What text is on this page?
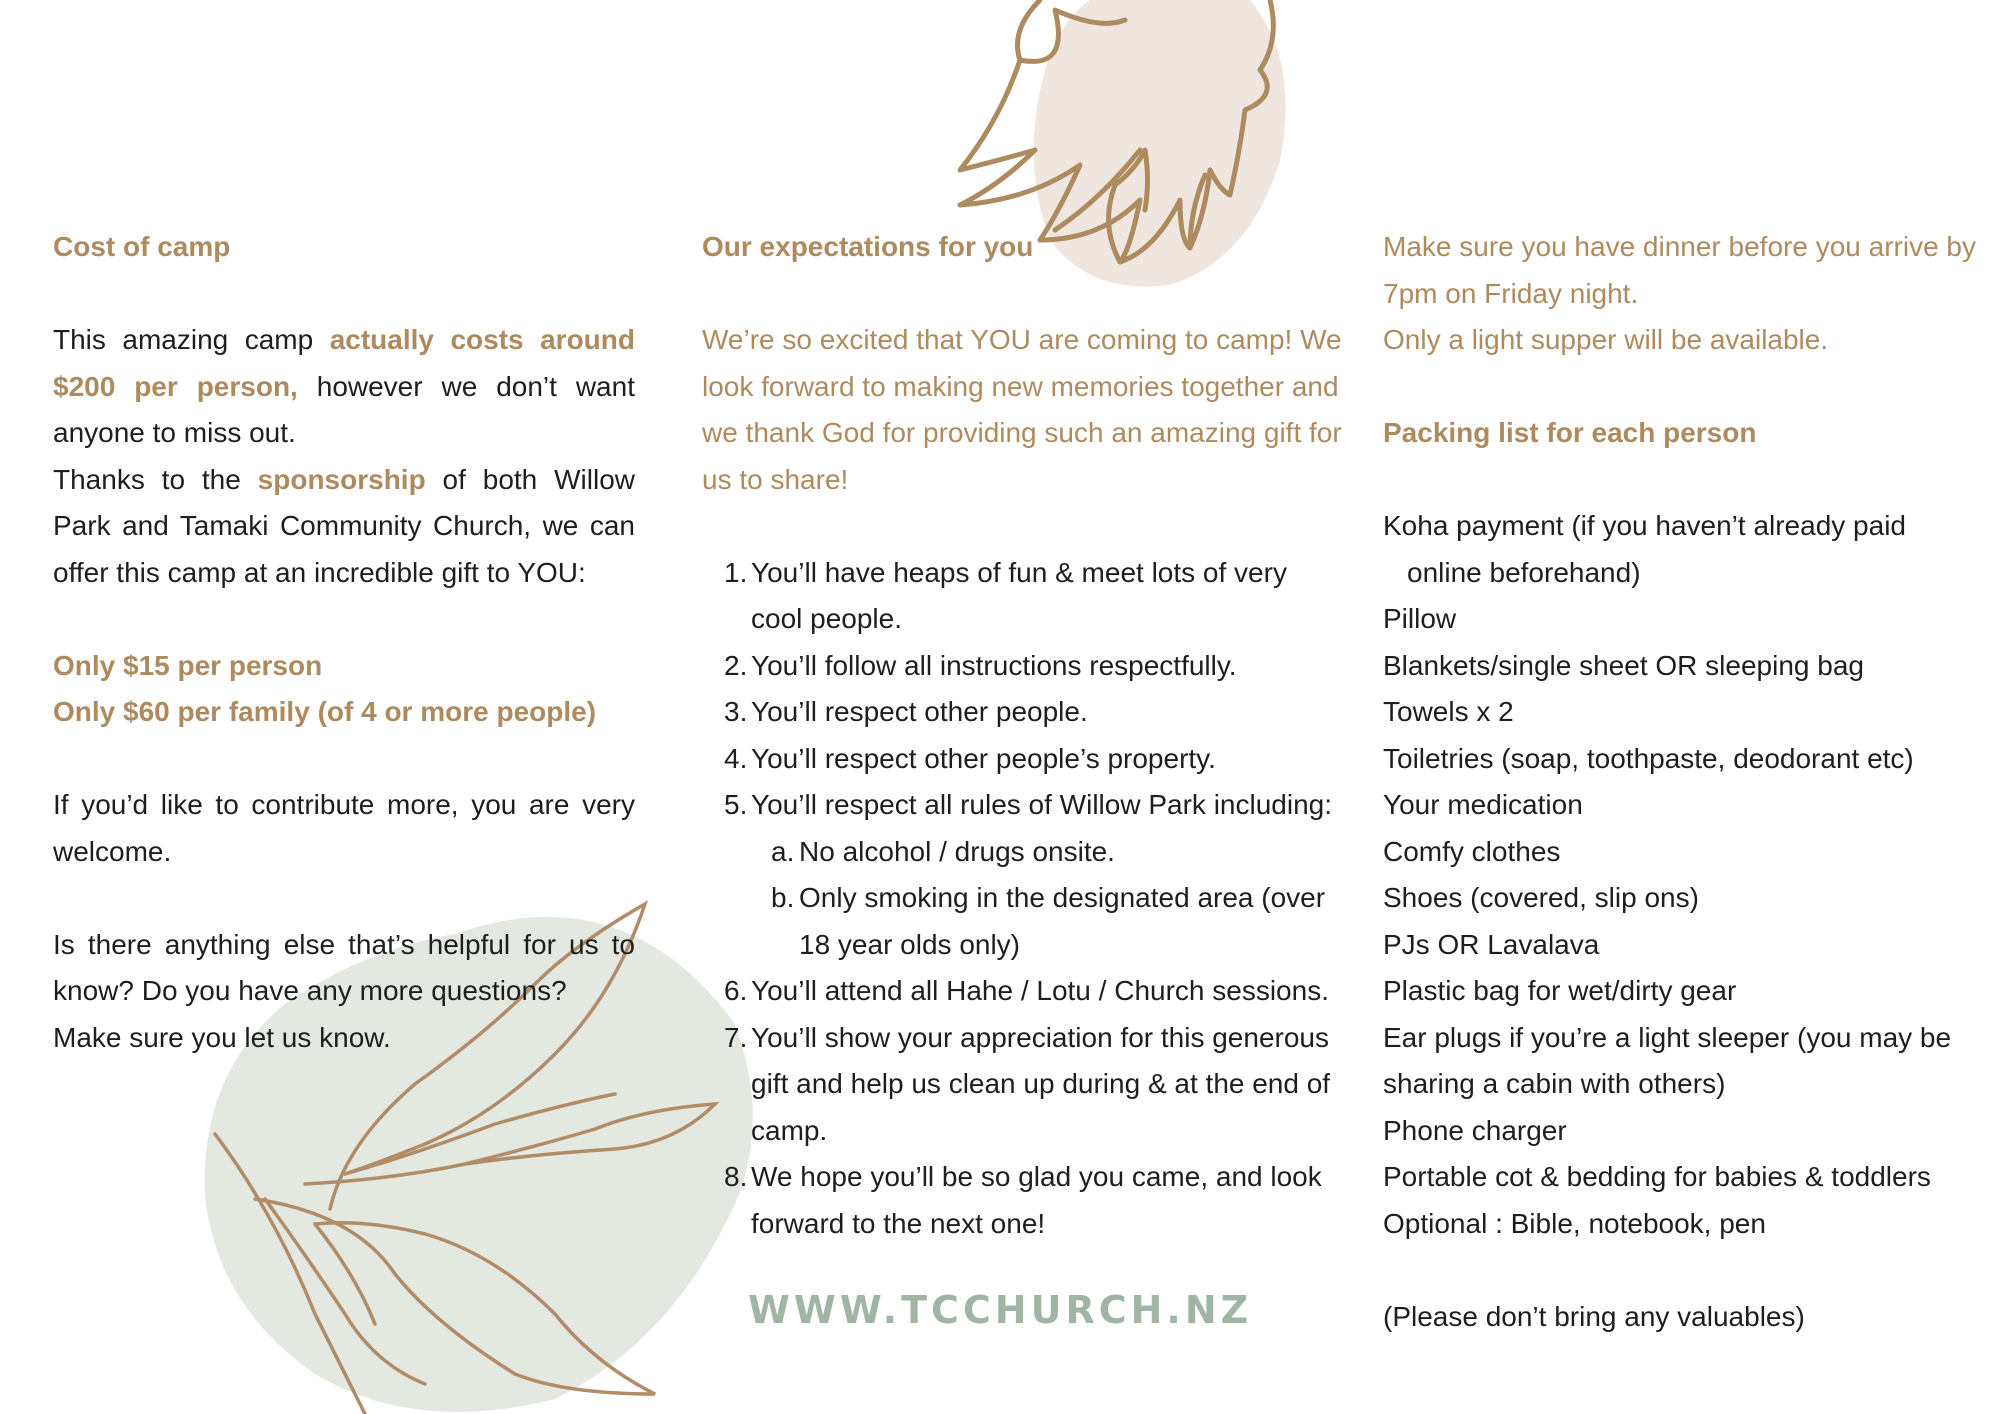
Cost of camp

This amazing camp actually costs around $200 per person, however we don’t want anyone to miss out.

Thanks to the sponsorship of both Willow Park and Tamaki Community Church, we can offer this camp at an incredible gift to YOU:

Only $15 per person

Only $60 per family (of 4 or more people)

If you’d like to contribute more, you are very welcome.

Is there anything else that’s helpful for us to know? Do you have any more questions?

Make sure you let us know.

Our expectations for you

We’re so excited that YOU are coming to camp! We look forward to making new memories together and we thank God for providing such an amazing gift for us to share!

1. You’ll have heaps of fun & meet lots of very cool people.
2. You’ll follow all instructions respectfully.
3. You’ll respect other people.
4. You’ll respect other people’s property.
5. You’ll respect all rules of Willow Park including:
a. No alcohol / drugs onsite.
b. Only smoking in the designated area (over 18 year olds only)
6. You’ll attend all Hahe / Lotu / Church sessions.
7. You’ll show your appreciation for this generous gift and help us clean up during & at the end of camp.
8. We hope you’ll be so glad you came, and look forward to the next one!
WWW.TCCHURCH.NZ

Make sure you have dinner before you arrive by 7pm on Friday night.

Only a light supper will be available.

Packing list for each person

Koha payment (if you haven’t already paid online beforehand)
Pillow
Blankets/single sheet OR sleeping bag
Towels x 2
Toiletries (soap, toothpaste, deodorant etc)
Your medication
Comfy clothes
Shoes (covered, slip ons)
PJs OR Lavalava
Plastic bag for wet/dirty gear
Ear plugs if you’re a light sleeper (you may be sharing a cabin with others)
Phone charger
Portable cot & bedding for babies & toddlers
Optional : Bible, notebook, pen

(Please don’t bring any valuables)
